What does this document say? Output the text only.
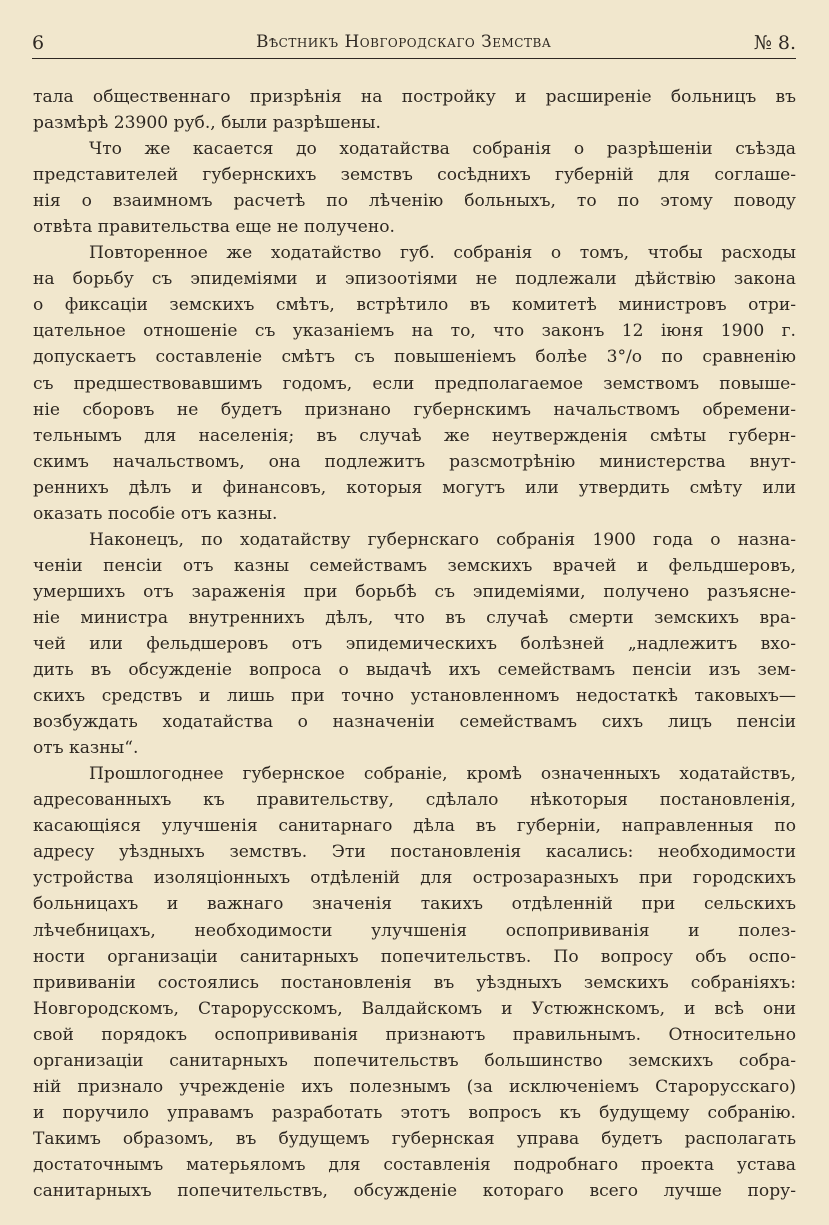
6	Вѣстникъ Новгородскаго Земства	№ 8.
тала общественнаго призрѣнія на постройку и расширеніе больницъ въ
размѣрѣ 23900 руб., были разрѣшены.
Что же касается до ходатайства собранія о разрѣшеніи съѣзда
представителей губернскихъ земствъ сосѣднихъ губерній для соглаше-
нія о взаимномъ расчетѣ по лѣченію больныхъ, то по этому поводу
отвѣта правительства еще не получено.
Повторенное же ходатайство губ. собранія о томъ, чтобы расходы
на борьбу съ эпидеміями и эпизоотіями не подлежали дѣйствію закона
о фиксаціи земскихъ смѣтъ, встрѣтило въ комитетѣ министровъ отри-
цательное отношеніе съ указаніемъ на то, что законъ 12 іюня 1900 г.
допускаетъ составленіе смѣтъ съ повышеніемъ болѣе 3°/o по сравненію
съ предшествовавшимъ годомъ, если предполагаемое земствомъ повыше-
ніе сборовъ не будетъ признано губернскимъ начальствомъ обремени-
тельнымъ для населенія; въ случаѣ же неутвержденія смѣты губерн-
скимъ начальствомъ, она подлежитъ разсмотрѣнію министерства внут-
реннихъ дѣлъ и финансовъ, которыя могутъ или утвердить смѣту или
оказать пособіе отъ казны.
Наконецъ, по ходатайству губернскаго собранія 1900 года о назна-
ченіи пенсіи отъ казны семействамъ земскихъ врачей и фельдшеровъ,
умершихъ отъ зараженія при борьбѣ съ эпидеміями, получено разъясне-
ніе министра внутреннихъ дѣлъ, что въ случаѣ смерти земскихъ вра-
чей или фельдшеровъ отъ эпидемическихъ болѣзней „надлежитъ вхо-
дить въ обсужденіе вопроса о выдачѣ ихъ семействамъ пенсіи изъ зем-
скихъ средствъ и лишь при точно установленномъ недостаткѣ таковыхъ—
возбуждать ходатайства о назначеніи семействамъ сихъ лицъ пенсіи
отъ казны“.
Прошлогоднее губернское собраніе, кромѣ означенныхъ ходатайствъ,
адресованныхъ къ правительству, сдѣлало нѣкоторыя постановленія,
касающіяся улучшенія санитарнаго дѣла въ губерніи, направленныя по
адресу уѣздныхъ земствъ. Эти постановленія касались: необходимости
устройства изоляціонныхъ отдѣленій для острозаразныхъ при городскихъ
больницахъ и важнаго значенія такихъ отдѣленній при сельскихъ
лѣчебницахъ, необходимости улучшенія оспопрививанія и полез-
ности организаціи санитарныхъ попечительствъ. По вопросу объ оспо-
прививаніи состоялись постановленія въ уѣздныхъ земскихъ собраніяхъ:
Новгородскомъ, Старорусскомъ, Валдайскомъ и Устюжнскомъ, и всѣ они
свой порядокъ оспопрививанія признаютъ правильнымъ. Относительно
организаціи санитарныхъ попечительствъ большинство земскихъ собра-
ній признало учрежденіе ихъ полезнымъ (за исключеніемъ Старорусскаго)
и поручило управамъ разработать этотъ вопросъ къ будущему собранію.
Такимъ образомъ, въ будущемъ губернская управа будетъ располагать
достаточнымъ матерьяломъ для составленія подробнаго проекта устава
санитарныхъ попечительствъ, обсужденіе котораго всего лучше пору-
